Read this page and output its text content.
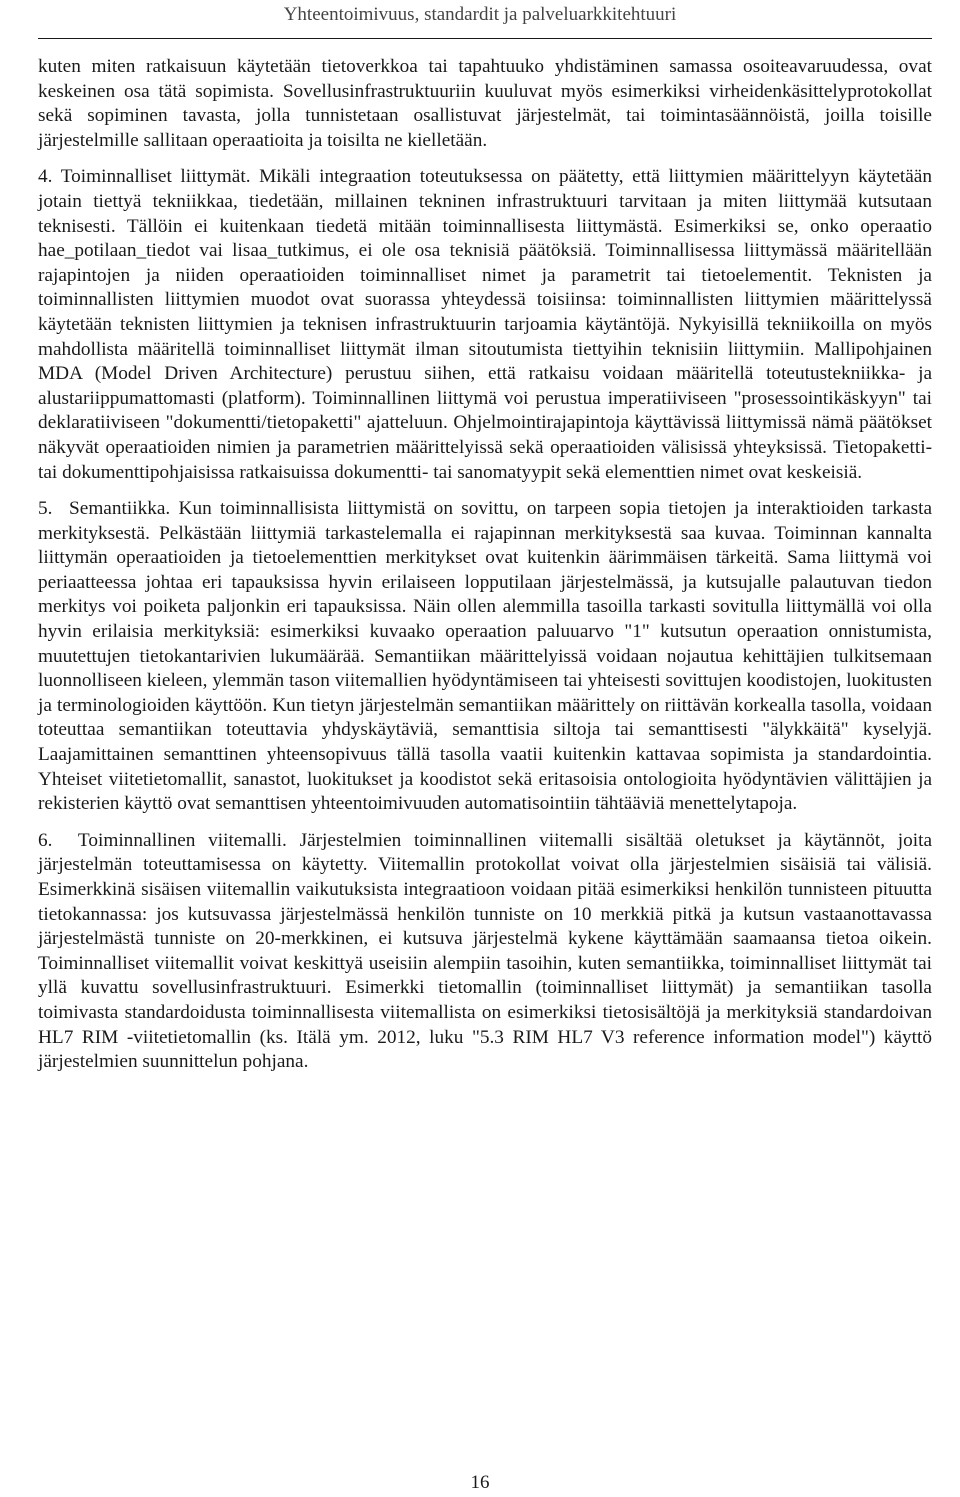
Yhteentoimivuus, standardit ja palveluarkkitehtuuri

kuten miten ratkaisuun käytetään tietoverkkoa tai tapahtuuko yhdistäminen samassa osoiteavaruudessa, ovat keskeinen osa tätä sopimista. Sovellusinfrastruktuuriin kuuluvat myös esimerkiksi virheidenkäsittelyprotokollat sekä sopiminen tavasta, jolla tunnistetaan osallistuvat järjestelmät, tai toimintasäännöistä, joilla toisille järjestelmille sallitaan operaatioita ja toisilta ne kielletään.

4. Toiminnalliset liittymät. Mikäli integraation toteutuksessa on päätetty, että liittymien määrittelyyn käytetään jotain tiettyä tekniikkaa, tiedetään, millainen tekninen infrastruktuuri tarvitaan ja miten liittymää kutsutaan teknisesti. Tällöin ei kuitenkaan tiedetä mitään toiminnallisesta liittymästä. Esimerkiksi se, onko operaatio hae_potilaan_tiedot vai lisaa_tutkimus, ei ole osa teknisiä päätöksiä. Toiminnallisessa liittymässä määritellään rajapintojen ja niiden operaatioiden toiminnalliset nimet ja parametrit tai tietoelementit. Teknisten ja toiminnallisten liittymien muodot ovat suorassa yhteydessä toisiinsa: toiminnallisten liittymien määrittelyssä käytetään teknisten liittymien ja teknisen infrastruktuurin tarjoamia käytäntöjä. Nykyisillä tekniikoilla on myös mahdollista määritellä toiminnalliset liittymät ilman sitoutumista tiettyihin teknisiin liittymiin. Mallipohjainen MDA (Model Driven Architecture) perustuu siihen, että ratkaisu voidaan määritellä toteutustekniikka- ja alustariippumattomasti (platform). Toiminnallinen liittymä voi perustua imperatiiviseen "prosessointikäskyyn" tai deklaratiiviseen "dokumentti/tietopaketti" ajatteluun. Ohjelmointirajapintoja käyttävissä liittymissä nämä päätökset näkyvät operaatioiden nimien ja parametrien määrittelyissä sekä operaatioiden välisissä yhteyksissä. Tietopaketti- tai dokumenttipohjaisissa ratkaisuissa dokumentti- tai sanomatyypit sekä elementtien nimet ovat keskeisiä.

5. Semantiikka. Kun toiminnallisista liittymistä on sovittu, on tarpeen sopia tietojen ja interaktioiden tarkasta merkityksestä. Pelkästään liittymiä tarkastelemalla ei rajapinnan merkityksestä saa kuvaa. Toiminnan kannalta liittymän operaatioiden ja tietoelementtien merkitykset ovat kuitenkin äärimmäisen tärkeitä. Sama liittymä voi periaatteessa johtaa eri tapauksissa hyvin erilaiseen lopputilaan järjestelmässä, ja kutsujalle palautuvan tiedon merkitys voi poiketa paljonkin eri tapauksissa. Näin ollen alemmilla tasoilla tarkasti sovitulla liittymällä voi olla hyvin erilaisia merkityksiä: esimerkiksi kuvaako operaation paluuarvo "1" kutsutun operaation onnistumista, muutettujen tietokantarivien lukumäärää. Semantiikan määrittelyissä voidaan nojautua kehittäjien tulkitsemaan luonnolliseen kieleen, ylemmän tason viitemallien hyödyntämiseen tai yhteisesti sovittujen koodistojen, luokitusten ja terminologioiden käyttöön. Kun tietyn järjestelmän semantiikan määrittely on riittävän korkealla tasolla, voidaan toteuttaa semantiikan toteuttavia yhdyskäytäviä, semanttisia siltoja tai semanttisesti "älykkäitä" kyselyjä. Laajamittainen semanttinen yhteensopivuus tällä tasolla vaatii kuitenkin kattavaa sopimista ja standardointia. Yhteiset viitetietomallit, sanastot, luokitukset ja koodistot sekä eritasoisia ontologioita hyödyntävien välittäjien ja rekisterien käyttö ovat semanttisen yhteentoimivuuden automatisointiin tähtääviä menettelytapoja.

6. Toiminnallinen viitemalli. Järjestelmien toiminnallinen viitemalli sisältää oletukset ja käytännöt, joita järjestelmän toteuttamisessa on käytetty. Viitemallin protokollat voivat olla järjestelmien sisäisiä tai välisiä. Esimerkkinä sisäisen viitemallin vaikutuksista integraatioon voidaan pitää esimerkiksi henkilön tunnisteen pituutta tietokannassa: jos kutsuvassa järjestelmässä henkilön tunniste on 10 merkkiä pitkä ja kutsun vastaanottavassa järjestelmästä tunniste on 20-merkkinen, ei kutsuva järjestelmä kykene käyttämään saamaansa tietoa oikein. Toiminnalliset viitemallit voivat keskittyä useisiin alempiin tasoihin, kuten semantiikka, toiminnalliset liittymät tai yllä kuvattu sovellusinfrastruktuuri. Esimerkki tietomallin (toiminnalliset liittymät) ja semantiikan tasolla toimivasta standardoidusta toiminnallisesta viitemallista on esimerkiksi tietosisältöjä ja merkityksiä standardoivan HL7 RIM -viitetietomallin (ks. Itälä ym. 2012, luku "5.3 RIM HL7 V3 reference information model") käyttö järjestelmien suunnittelun pohjana.

16
